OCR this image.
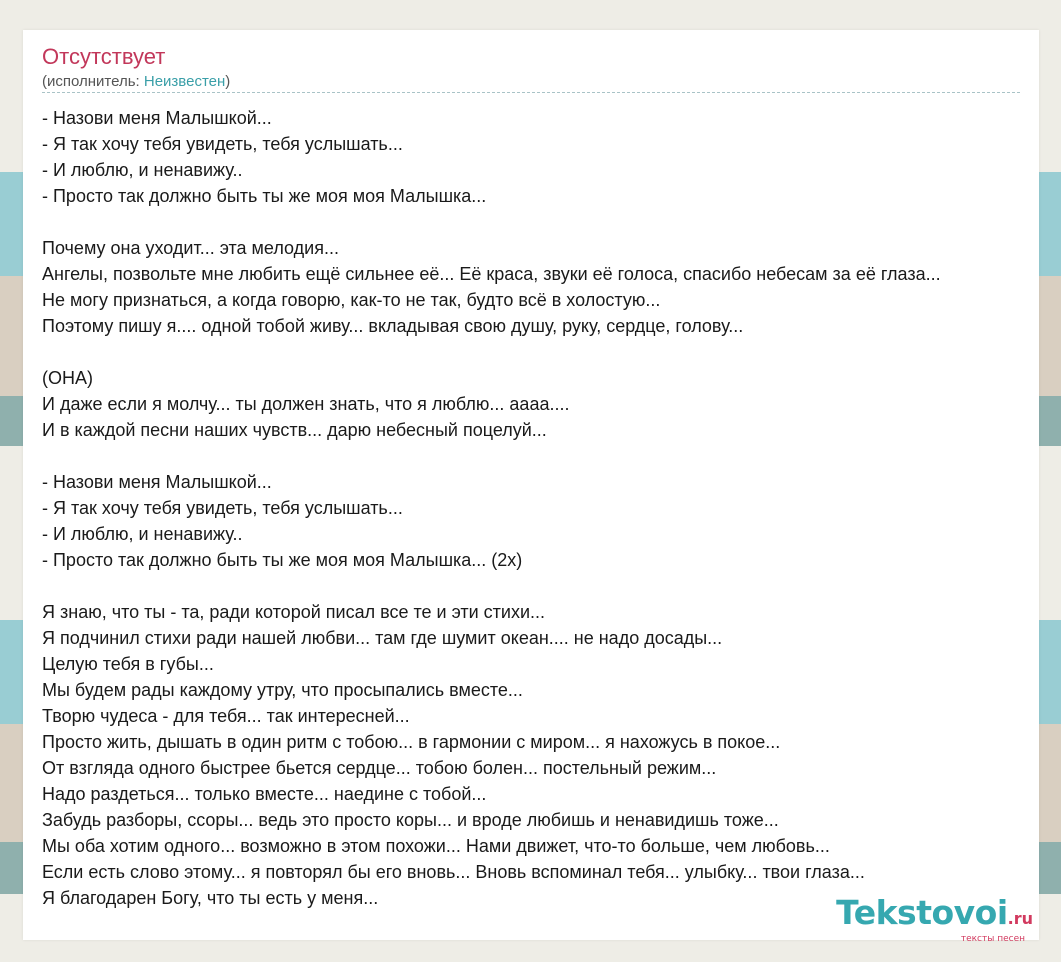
Отсутствует
(исполнитель: Неизвестен)
- Назови меня Малышкой...
- Я так хочу тебя увидеть, тебя услышать...
- И люблю, и ненавижу..
- Просто так должно быть ты же моя моя Малышка...
Почему она уходит... эта мелодия...
Ангелы, позвольте мне любить ещё сильнее её... Её краса, звуки её голоса, спасибо небесам за её глаза...
Не могу признаться, а когда говорю, как-то не так, будто всё в холостую...
Поэтому пишу я.... одной тобой живу... вкладывая свою душу, руку, сердце, голову...
(ОНА)
И даже если я молчу... ты должен знать, что я люблю... аааа....
И в каждой песни наших чувств... дарю небесный поцелуй...
- Назови меня Малышкой...
- Я так хочу тебя увидеть, тебя услышать...
- И люблю, и ненавижу..
- Просто так должно быть ты же моя моя Малышка... (2х)
Я знаю, что ты - та, ради которой писал все те и эти стихи...
Я подчинил стихи ради нашей любви... там где шумит океан.... не надо досады...
Целую тебя в губы...
Мы будем рады каждому утру, что просыпались вместе...
Творю чудеса - для тебя... так интересней...
Просто жить, дышать в один ритм с тобою... в гармонии с миром... я нахожусь в покое...
От взгляда одного быстрее бьется сердце... тобою болен... постельный режим...
Надо раздеться... только вместе... наедине с тобой...
Забудь разборы, ссоры... ведь это просто коры... и вроде любишь и ненавидишь тоже...
Мы оба хотим одного... возможно в этом похожи... Нами движет, что-то больше, чем любовь...
Если есть слово этому... я повторял бы его вновь... Вновь вспоминал тебя... улыбку... твои глаза...
Я благодарен Богу, что ты есть у меня...	Tekstovoi.ru
тексты песен
